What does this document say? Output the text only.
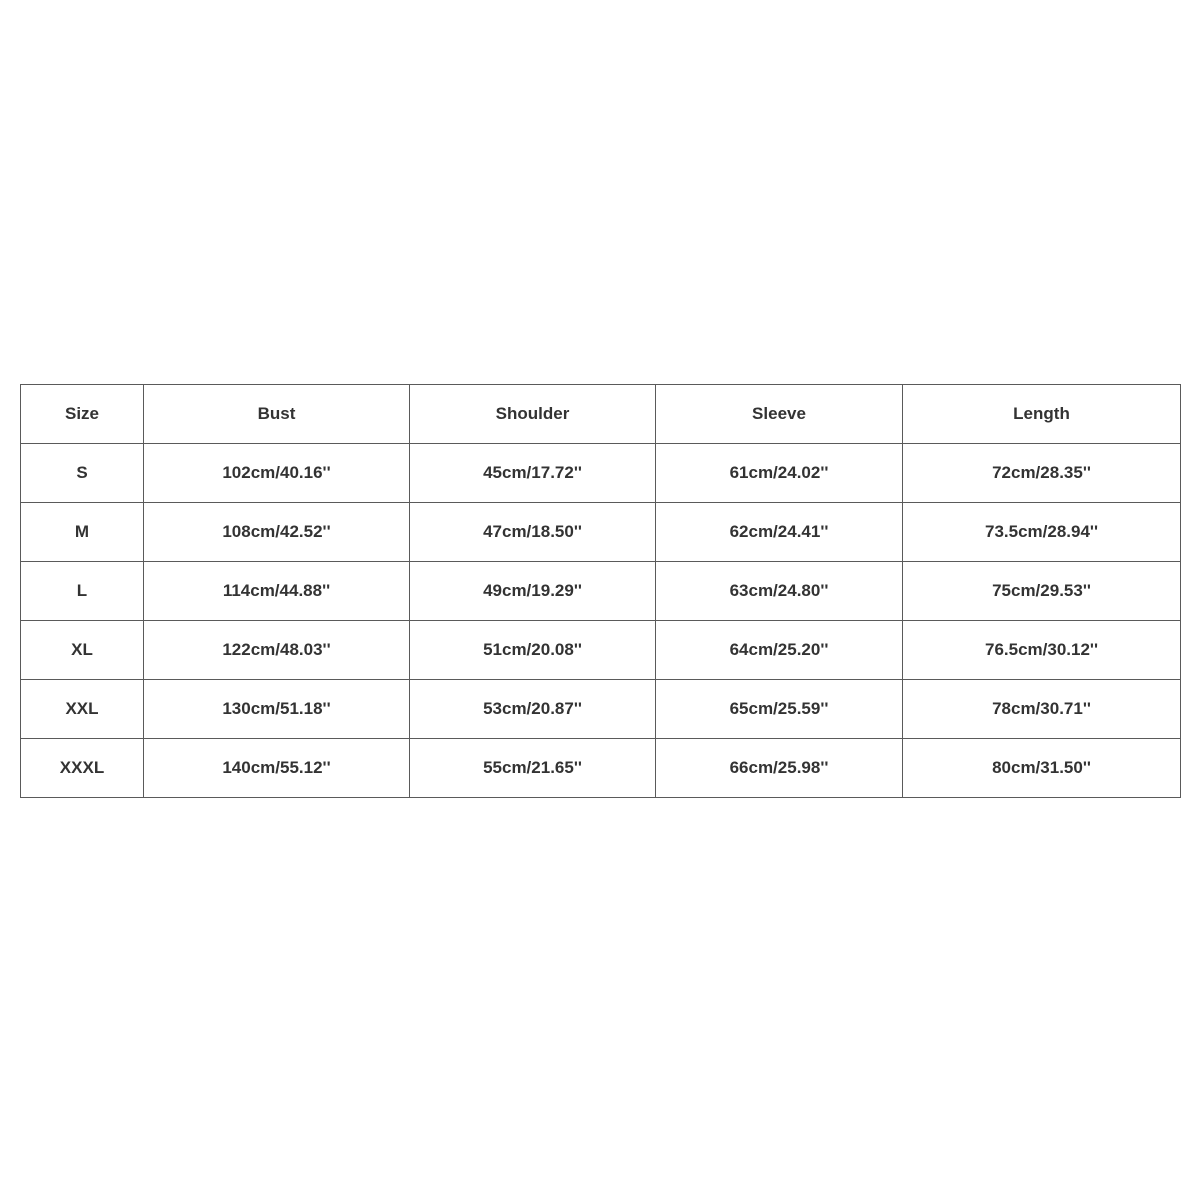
Size	Bust	Shoulder	Sleeve	Length
S	102cm/40.16''	45cm/17.72''	61cm/24.02''	72cm/28.35''
M	108cm/42.52''	47cm/18.50''	62cm/24.41''	73.5cm/28.94''
L	114cm/44.88''	49cm/19.29''	63cm/24.80''	75cm/29.53''
XL	122cm/48.03''	51cm/20.08''	64cm/25.20''	76.5cm/30.12''
XXL	130cm/51.18''	53cm/20.87''	65cm/25.59''	78cm/30.71''
XXXL	140cm/55.12''	55cm/21.65''	66cm/25.98''	80cm/31.50''
